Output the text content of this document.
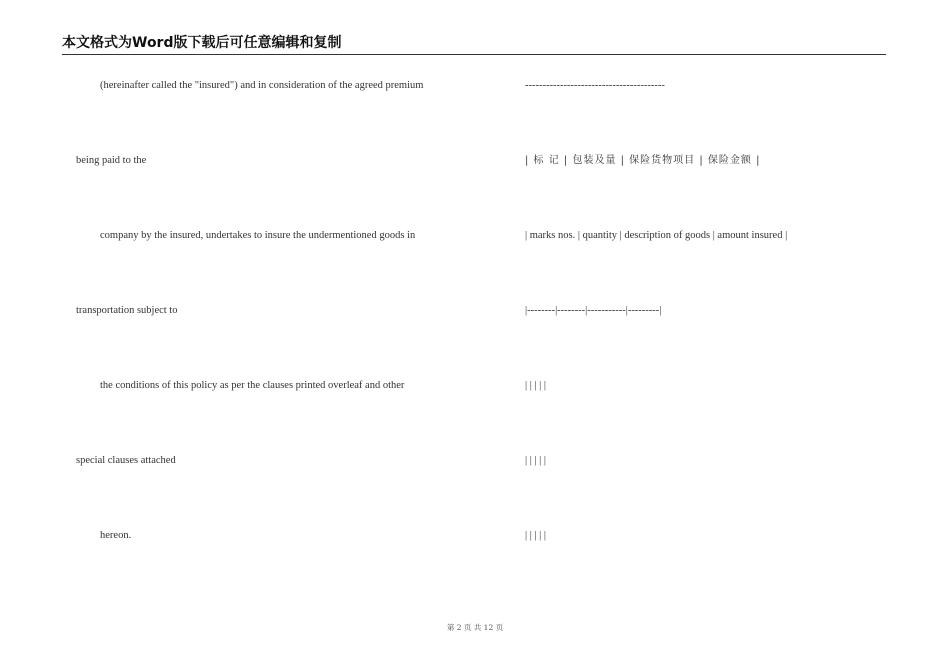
本文格式为Word版下载后可任意编辑和复制
(hereinafter called the "insured") and in consideration of the agreed premium
being paid to the
company by the insured, undertakes to insure the undermentioned goods in
transportation subject to
the conditions of this policy as per the clauses printed overleaf and other
special clauses attached
hereon.
----------------------------------------
| 标 记 | 包装及量 | 保险货物项目 | 保险金额 |
| marks nos. | quantity | description of goods | amount insured |
|--------|--------|-----------|---------|
| | | | |
| | | | |
| | | | |
第 2 页 共 12 页
